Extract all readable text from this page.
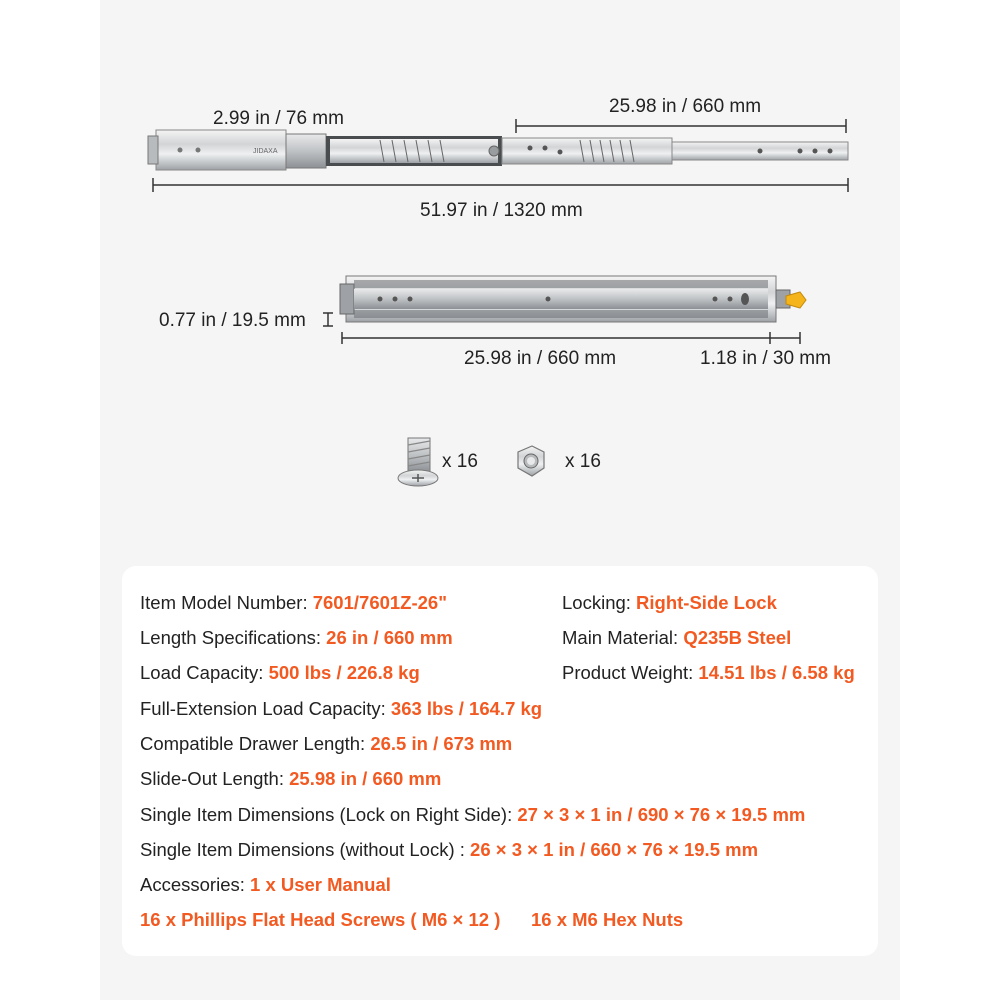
JIDAXA
2.99 in / 76 mm
25.98 in / 660 mm
51.97 in / 1320 mm
0.77 in / 19.5 mm
25.98 in / 660 mm	1.18 in / 30 mm
x 16	x 16
Item Model Number: 7601/7601Z-26"
Length Specifications: 26 in / 660 mm
Load Capacity: 500 lbs / 226.8 kg
Full-Extension Load Capacity: 363 lbs / 164.7 kg
Compatible Drawer Length: 26.5 in / 673 mm
Slide-Out Length: 25.98 in / 660 mm
Single Item Dimensions (Lock on Right Side): 27 × 3 × 1 in / 690 × 76 × 19.5 mm
Single Item Dimensions (without Lock) : 26 × 3 × 1 in / 660 × 76 × 19.5 mm
Accessories: 1 x User Manual
16 x Phillips Flat Head Screws ( M6 × 12 ) 16 x M6 Hex Nuts
Locking: Right-Side Lock
Main Material: Q235B Steel
Product Weight: 14.51 lbs / 6.58 kg
